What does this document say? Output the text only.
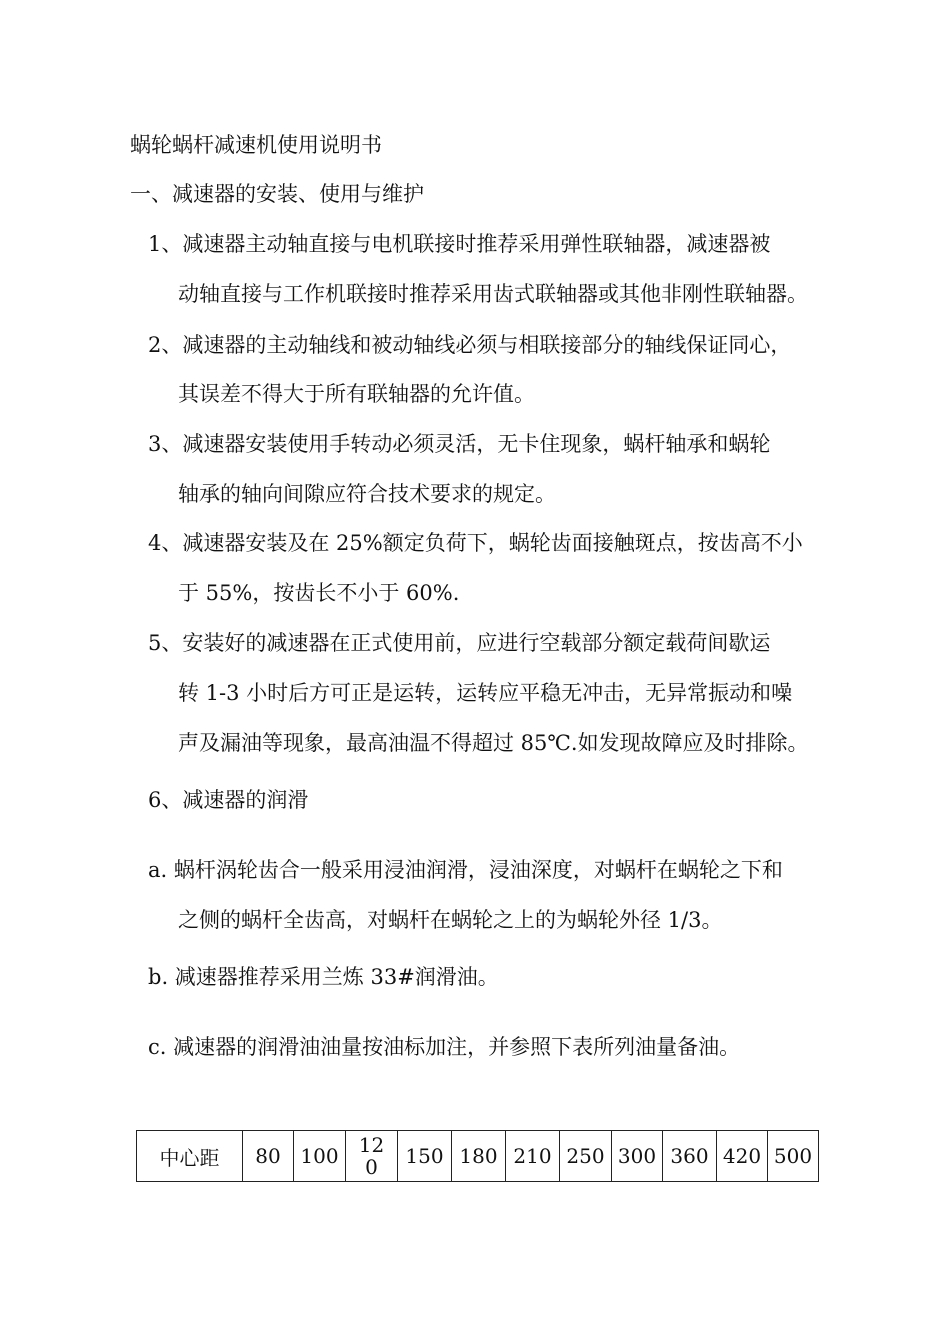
蜗轮蜗杆减速机使用说明书
一、减速器的安装、使用与维护
1、减速器主动轴直接与电机联接时推荐采用弹性联轴器，减速器被
动轴直接与工作机联接时推荐采用齿式联轴器或其他非刚性联轴器。
2、减速器的主动轴线和被动轴线必须与相联接部分的轴线保证同心，
其误差不得大于所有联轴器的允许值。
3、减速器安装使用手转动必须灵活，无卡住现象，蜗杆轴承和蜗轮
轴承的轴向间隙应符合技术要求的规定。
4、减速器安装及在 25%额定负荷下，蜗轮齿面接触斑点，按齿高不小
于 55%，按齿长不小于 60%.
5、安装好的减速器在正式使用前，应进行空载部分额定载荷间歇运
转 1-3 小时后方可正是运转，运转应平稳无冲击，无异常振动和噪
声及漏油等现象，最高油温不得超过 85℃.如发现故障应及时排除。
6、减速器的润滑
a. 蜗杆涡轮齿合一般采用浸油润滑，浸油深度，对蜗杆在蜗轮之下和
之侧的蜗杆全齿高，对蜗杆在蜗轮之上的为蜗轮外径 1/3。
b. 减速器推荐采用兰炼 33#润滑油。
c. 减速器的润滑油油量按油标加注，并参照下表所列油量备油。
中心距	80	100	120	150	180	210	250	300	360	420	500
